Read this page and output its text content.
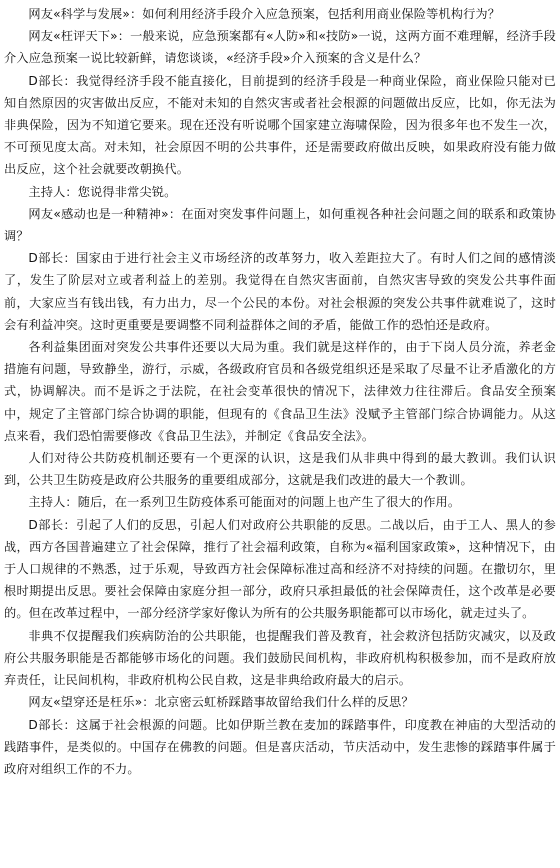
网友«科学与发展»：如何利用经济手段介入应急预案，包括利用商业保险等机构行为？

网友«枉评天下»：一般来说，应急预案都有«人防»和«技防»一说，这两方面不难理解，经济手段介入应急预案一说比较新鲜，请您谈谈，«经济手段»介入预案的含义是什么？

D部长：我觉得经济手段不能直接化，目前提到的经济手段是一种商业保险，商业保险只能对已知自然原因的灾害做出反应，不能对未知的自然灾害或者社会根源的问题做出反应，比如，你无法为非典保险，因为不知道它要来。现在还没有听说哪个国家建立海啸保险，因为很多年也不发生一次，不可预见度太高。对未知，社会原因不明的公共事件，还是需要政府做出反映，如果政府没有能力做出反应，这个社会就要改朝换代。

主持人：您说得非常尖锐。

网友«感动也是一种精神»：在面对突发事件问题上，如何重视各种社会问题之间的联系和政策协调？

D部长：国家由于进行社会主义市场经济的改革努力，收入差距拉大了。有时人们之间的感情淡了，发生了阶层对立或者利益上的差别。我觉得在自然灾害面前，自然灾害导致的突发公共事件面前，大家应当有钱出钱，有力出力，尽一个公民的本份。对社会根源的突发公共事件就难说了，这时会有利益冲突。这时更重要是要调整不同利益群体之间的矛盾，能做工作的恐怕还是政府。

各利益集团面对突发公共事件还要以大局为重。我们就是这样作的，由于下岗人员分流，养老金措施有问题，导致静坐，游行，示威，各级政府官员和各级党组织还是采取了尽量不让矛盾激化的方式，协调解决。而不是诉之于法院，在社会变革很快的情况下，法律效力往往滞后。食品安全预案中，规定了主管部门综合协调的职能，但现有的《食品卫生法》没赋予主管部门综合协调能力。从这点来看，我们恐怕需要修改《食品卫生法》，并制定《食品安全法》。

人们对待公共防疫机制还要有一个更深的认识，这是我们从非典中得到的最大教训。我们认识到，公共卫生防疫是政府公共服务的重要组成部分，这就是我们改进的最大一个教训。

主持人：随后，在一系列卫生防疫体系可能面对的问题上也产生了很大的作用。

D部长：引起了人们的反思，引起人们对政府公共职能的反思。二战以后，由于工人、黑人的参战，西方各国普遍建立了社会保障，推行了社会福利政策，自称为«福利国家政策»，这种情况下，由于人口规律的不熟悉，过于乐观，导致西方社会保障标准过高和经济不对持续的问题。在撒切尔，里根时期提出反思。要社会保障由家庭分担一部分，政府只承担最低的社会保障责任，这个改革是必要的。但在改革过程中，一部分经济学家好像认为所有的公共服务职能都可以市场化，就走过头了。

非典不仅提醒我们疾病防治的公共职能，也提醒我们普及教育，社会救济包括防灾减灾，以及政府公共服务职能是否都能够市场化的问题。我们鼓励民间机构，非政府机构积极参加，而不是政府放弃责任，让民间机构，非政府机构公民自救，这是非典给政府最大的启示。

网友«望穿还是枉乐»：北京密云虹桥踩踏事故留给我们什么样的反思？

D部长：这属于社会根源的问题。比如伊斯兰教在麦加的踩踏事件，印度教在神庙的大型活动的践踏事件，是类似的。中国存在佛教的问题。但是喜庆活动，节庆活动中，发生悲惨的踩踏事件属于政府对组织工作的不力。
